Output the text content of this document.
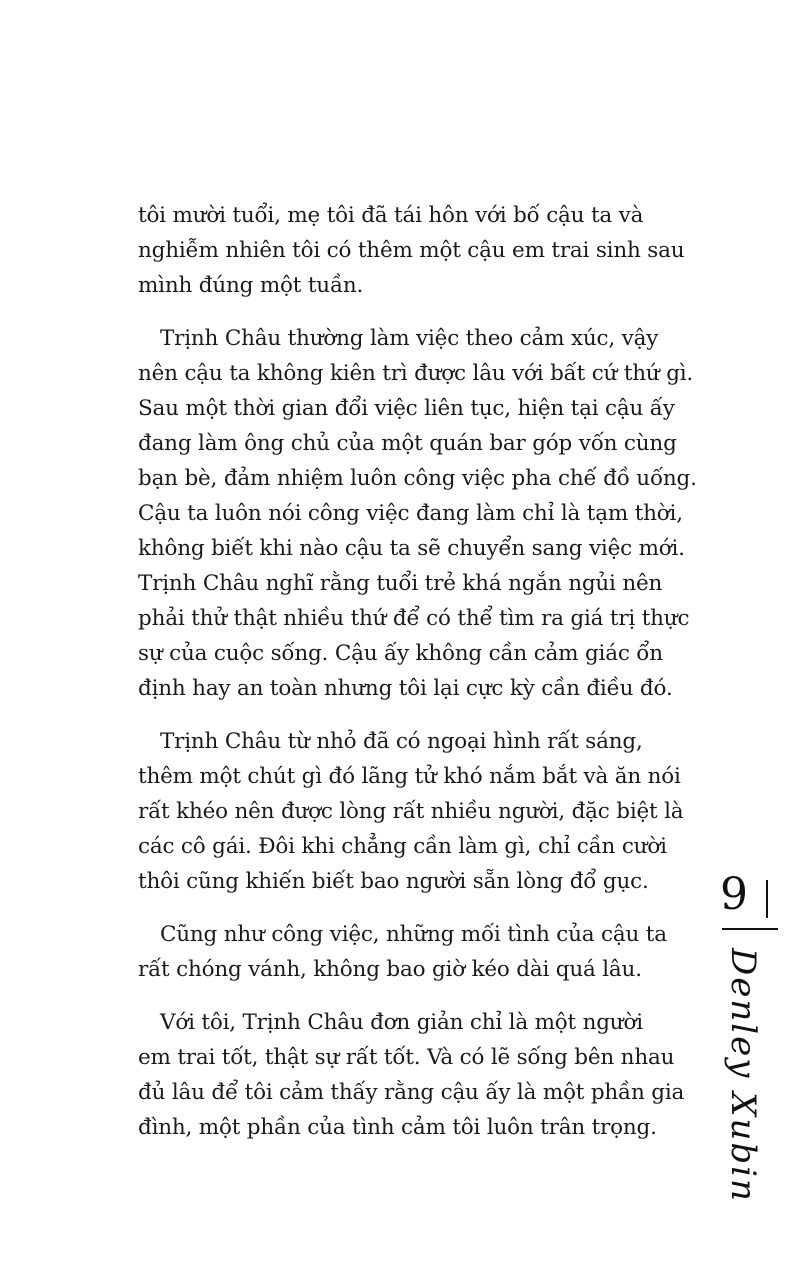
tôi mười tuổi, mẹ tôi đã tái hôn với bố cậu ta và
nghiễm nhiên tôi có thêm một cậu em trai sinh sau
mình đúng một tuần.

Trịnh Châu thường làm việc theo cảm xúc, vậy
nên cậu ta không kiên trì được lâu với bất cứ thứ gì.
Sau một thời gian đổi việc liên tục, hiện tại cậu ấy
đang làm ông chủ của một quán bar góp vốn cùng
bạn bè, đảm nhiệm luôn công việc pha chế đồ uống.
Cậu ta luôn nói công việc đang làm chỉ là tạm thời,
không biết khi nào cậu ta sẽ chuyển sang việc mới.
Trịnh Châu nghĩ rằng tuổi trẻ khá ngắn ngủi nên
phải thử thật nhiều thứ để có thể tìm ra giá trị thực
sự của cuộc sống. Cậu ấy không cần cảm giác ổn
định hay an toàn nhưng tôi lại cực kỳ cần điều đó.

Trịnh Châu từ nhỏ đã có ngoại hình rất sáng,
thêm một chút gì đó lãng tử khó nắm bắt và ăn nói
rất khéo nên được lòng rất nhiều người, đặc biệt là
các cô gái. Đôi khi chẳng cần làm gì, chỉ cần cười
thôi cũng khiến biết bao người sẵn lòng đổ gục.

Cũng như công việc, những mối tình của cậu ta
rất chóng vánh, không bao giờ kéo dài quá lâu.

Với tôi, Trịnh Châu đơn giản chỉ là một người
em trai tốt, thật sự rất tốt. Và có lẽ sống bên nhau
đủ lâu để tôi cảm thấy rằng cậu ấy là một phần gia
đình, một phần của tình cảm tôi luôn trân trọng.

9
Denley Xubin
